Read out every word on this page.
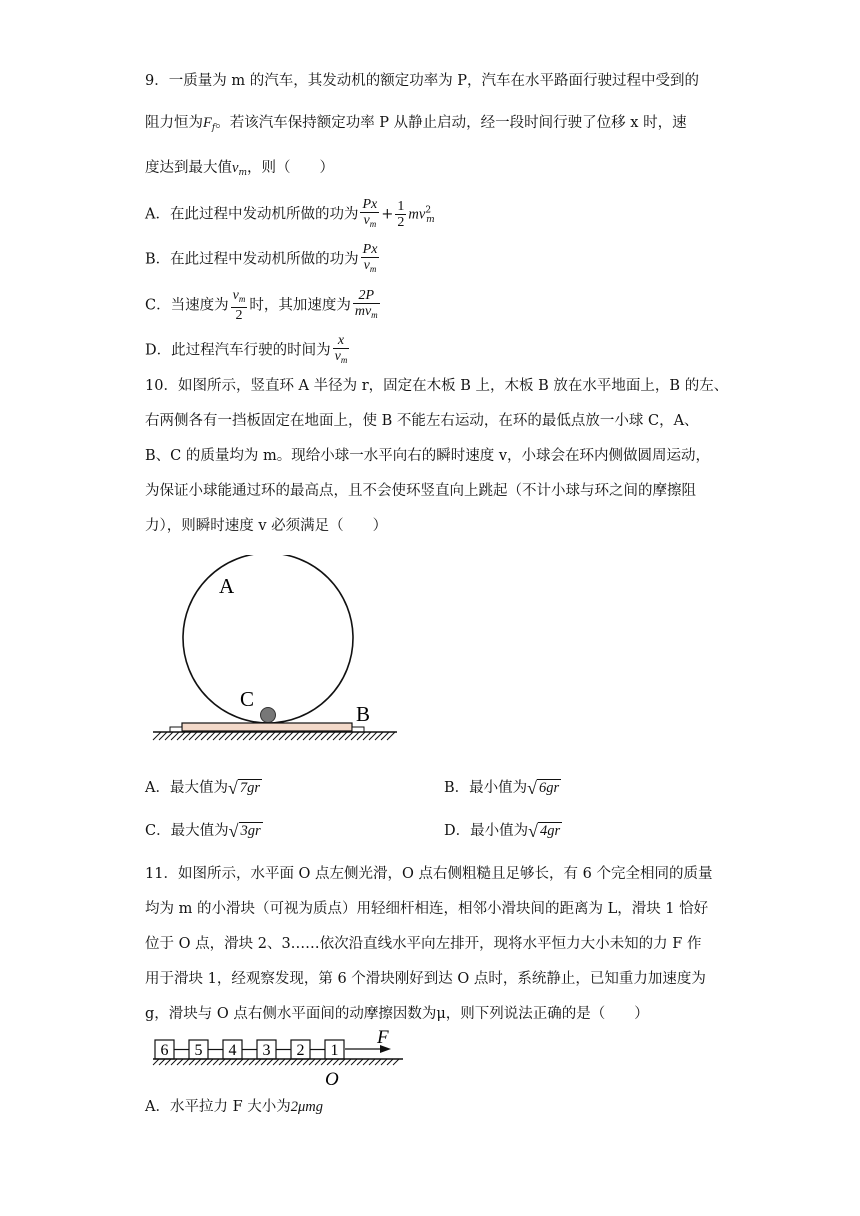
9．一质量为 m 的汽车，其发动机的额定功率为 P，汽车在水平路面行驶过程中受到的
阻力恒为$F_f$。若该汽车保持额定功率 P 从静止启动，经一段时间行驶了位移 x 时，速
度达到最大值$v_m$，则（　　）
A．在此过程中发动机所做的功为 $\frac{Px}{v_m} + \frac{1}{2} mv^2_m$
B．在此过程中发动机所做的功为 $\frac{Px}{v_m}$
C．当速度为 $\frac{v_m}{2}$ 时，其加速度为 $\frac{2P}{mv_m}$
D．此过程汽车行驶的时间为 $\frac{x}{v_m}$
10．如图所示，竖直环 A 半径为 r，固定在木板 B 上，木板 B 放在水平地面上，B 的左、
右两侧各有一挡板固定在地面上，使 B 不能左右运动，在环的最低点放一小球 C，A、
B、C 的质量均为 m。现给小球一水平向右的瞬时速度 v，小球会在环内侧做圆周运动，
为保证小球能通过环的最高点，且不会使环竖直向上跳起（不计小球与环之间的摩擦阻
力），则瞬时速度 v 必须满足（　　）
A
C
B
A．最大值为√ 7gr	B．最小值为√ 6gr
C．最大值为√ 3gr	D．最小值为√ 4gr
11．如图所示，水平面 O 点左侧光滑，O 点右侧粗糙且足够长，有 6 个完全相同的质量
均为 m 的小滑块（可视为质点）用轻细杆相连，相邻小滑块间的距离为 L，滑块 1 恰好
位于 O 点，滑块 2、3……依次沿直线水平向左排开，现将水平恒力大小未知的力 F 作
用于滑块 1，经观察发现，第 6 个滑块刚好到达 O 点时，系统静止，已知重力加速度为
g，滑块与 O 点右侧水平面间的动摩擦因数为μ，则下列说法正确的是（　　）
6 5 4 3 2 1
F
O
A．水平拉力 F 大小为2μmg
